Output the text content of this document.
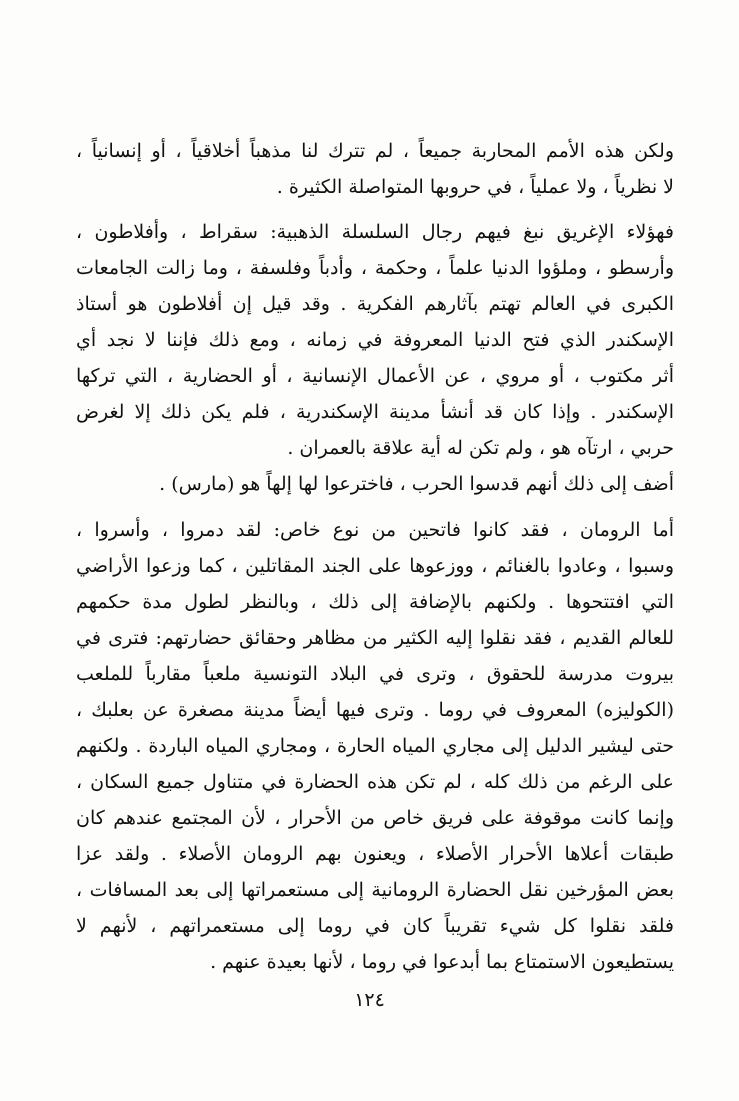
ولكن هذه الأمم المحاربة جميعاً ، لم تترك لنا مذهباً أخلاقياً ، أو إنسانياً ،
لا نظرياً ، ولا عملياً ، في حروبها المتواصلة الكثيرة .
فهؤلاء الإغريق نبغ فيهم رجال السلسلة الذهبية: سقراط ، وأفلاطون ،
وأرسطو ، وملؤوا الدنيا علماً ، وحكمة ، وأدباً وفلسفة ، وما زالت الجامعات
الكبرى في العالم تهتم بآثارهم الفكرية . وقد قيل إن أفلاطون هو أستاذ
الإسكندر الذي فتح الدنيا المعروفة في زمانه ، ومع ذلك فإننا لا نجد أي
أثر مكتوب ، أو مروي ، عن الأعمال الإنسانية ، أو الحضارية ، التي تركها
الإسكندر . وإذا كان قد أنشأ مدينة الإسكندرية ، فلم يكن ذلك إلا لغرض
حربي ، ارتآه هو ، ولم تكن له أية علاقة بالعمران .
أضف إلى ذلك أنهم قدسوا الحرب ، فاخترعوا لها إلهاً هو (مارس) .
أما الرومان ، فقد كانوا فاتحين من نوع خاص: لقد دمروا ، وأسروا ،
وسبوا ، وعادوا بالغنائم ، ووزعوها على الجند المقاتلين ، كما وزعوا الأراضي
التي افتتحوها . ولكنهم بالإضافة إلى ذلك ، وبالنظر لطول مدة حكمهم
للعالم القديم ، فقد نقلوا إليه الكثير من مظاهر وحقائق حضارتهم: فترى في
بيروت مدرسة للحقوق ، وترى في البلاد التونسية ملعباً مقارباً للملعب
(الكوليزه) المعروف في روما . وترى فيها أيضاً مدينة مصغرة عن بعلبك ،
حتى ليشير الدليل إلى مجاري المياه الحارة ، ومجاري المياه الباردة . ولكنهم
على الرغم من ذلك كله ، لم تكن هذه الحضارة في متناول جميع السكان ،
وإنما كانت موقوفة على فريق خاص من الأحرار ، لأن المجتمع عندهم كان
طبقات أعلاها الأحرار الأصلاء ، ويعنون بهم الرومان الأصلاء . ولقد عزا
بعض المؤرخين نقل الحضارة الرومانية إلى مستعمراتها إلى بعد المسافات ،
فلقد نقلوا كل شيء تقريباً كان في روما إلى مستعمراتهم ، لأنهم لا
يستطيعون الاستمتاع بما أبدعوا في روما ، لأنها بعيدة عنهم .
١٢٤
